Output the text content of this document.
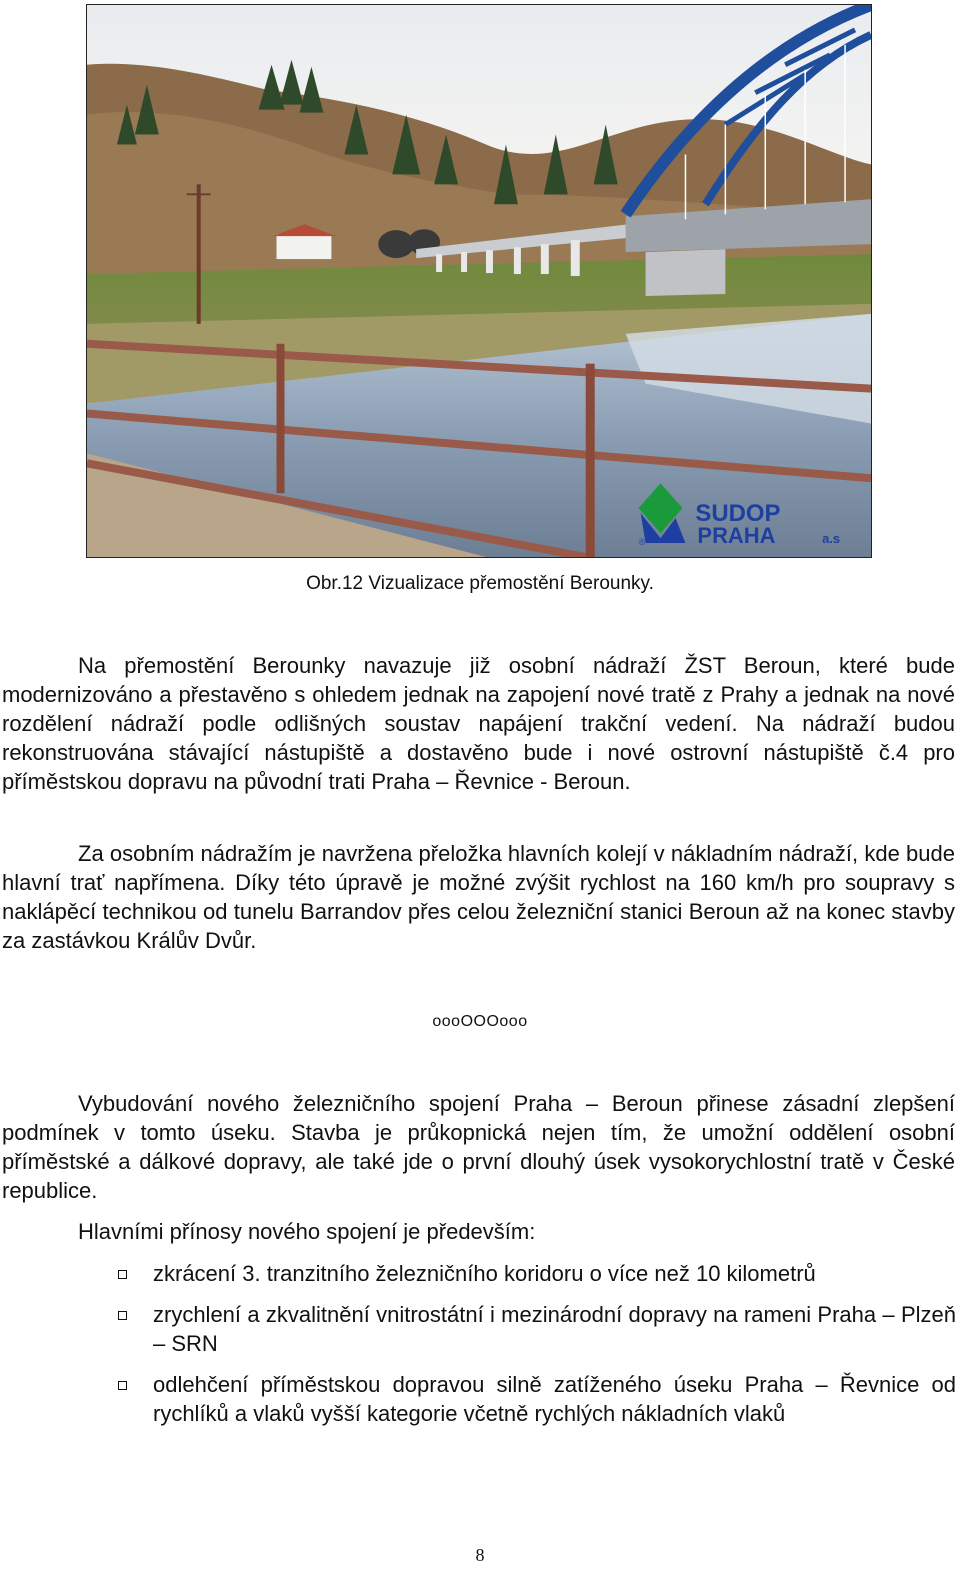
SUDOP
PRAHA	a.s
®
Obr.12 Vizualizace přemostění Berounky.

Na přemostění Berounky navazuje již osobní nádraží ŽST Beroun, které bude modernizováno a přestavěno s ohledem jednak na zapojení nové tratě z Prahy a jednak na nové rozdělení nádraží podle odlišných soustav napájení trakční vedení. Na nádraží budou rekonstruována stávající nástupiště a dostavěno bude i nové ostrovní nástupiště č.4 pro příměstskou dopravu na původní trati Praha – Řevnice - Beroun.

Za osobním nádražím je navržena přeložka hlavních kolejí v nákladním nádraží, kde bude hlavní trať napřímena. Díky této úpravě je možné zvýšit rychlost na 160 km/h pro soupravy s naklápěcí technikou od tunelu Barrandov přes celou železniční stanici Beroun až na konec stavby za zastávkou Králův Dvůr.

oooOOOooo

Vybudování nového železničního spojení Praha – Beroun přinese zásadní zlepšení podmínek v tomto úseku. Stavba je průkopnická nejen tím, že umožní oddělení osobní příměstské a dálkové dopravy, ale také jde o první dlouhý úsek vysokorychlostní tratě v České republice.

Hlavními přínosy nového spojení je především:
zkrácení 3. tranzitního železničního koridoru o více než 10 kilometrů
zrychlení a zkvalitnění vnitrostátní i mezinárodní dopravy na rameni Praha – Plzeň – SRN
odlehčení příměstskou dopravou silně zatíženého úseku Praha – Řevnice od rychlíků a vlaků vyšší kategorie včetně rychlých nákladních vlaků
8
